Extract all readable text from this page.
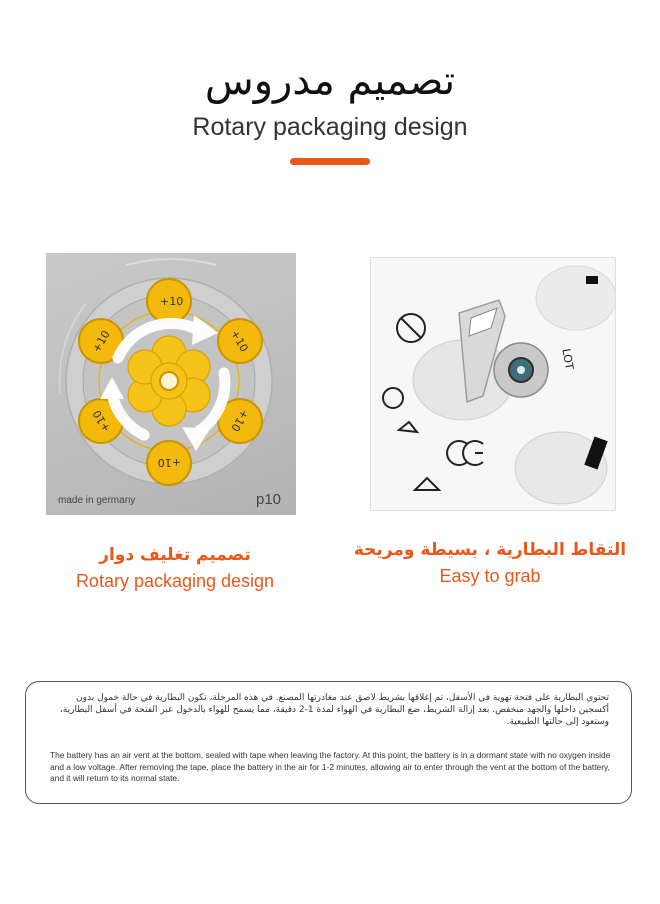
تصميم مدروس
Rotary packaging design
+10
+10
+10
+10
+10
+10
made in germany	p10
LOT
تصميم تغليف دوار
Rotary packaging design
التقاط البطارية ، بسيطة ومريحة
Easy to grab
تحتوي البطارية على فتحة تهوية في الأسفل، تم إغلاقها بشريط لاصق عند مغادرتها المصنع. في هذه المرحلة، تكون البطارية في حالة خمول بدون أكسجين داخلها والجهد منخفض. بعد إزالة الشريط، ضع البطارية في الهواء لمدة 1-2 دقيقة، مما يسمح للهواء بالدخول عبر الفتحة في أسفل البطارية، وستعود إلى حالتها الطبيعية.
The battery has an air vent at the bottom, sealed with tape when leaving the factory. At this point, the battery is in a dormant state with no oxygen inside and a low voltage. After removing the tape, place the battery in the air for 1-2 minutes, allowing air to enter through the vent at the bottom of the battery, and it will return to its normal state.
